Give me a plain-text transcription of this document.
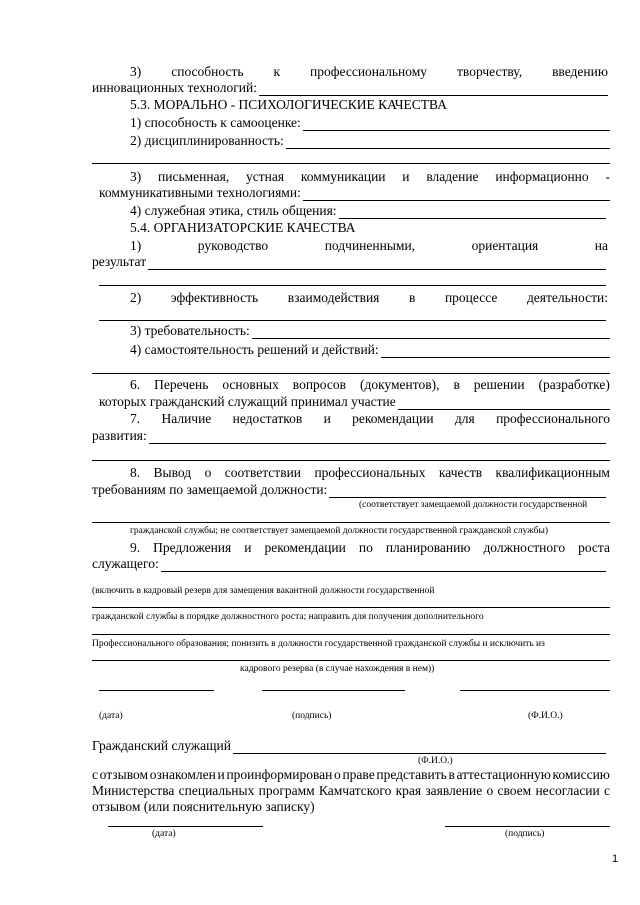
3) способность к профессиональному творчеству, введению
инновационных технологий:
5.3. МОРАЛЬНО - ПСИХОЛОГИЧЕСКИЕ КАЧЕСТВА
1) способность к самооценке:
2) дисциплинированность:
3) письменная, устная коммуникации и владение информационно -
коммуникативными технологиями:
4) служебная этика, стиль общения:
5.4. ОРГАНИЗАТОРСКИЕ КАЧЕСТВА
1)	руководство	подчиненными,	ориентация	на
результат
2) эффективность взаимодействия в процессе деятельности:
3) требовательность:
4) самостоятельность решений и действий:
6. Перечень основных вопросов (документов), в решении (разработке)
которых гражданский служащий принимал участие
7. Наличие недостатков и рекомендации для профессионального
развития:
8. Вывод о соответствии профессиональных качеств квалификационным
требованиям по замещаемой должности:
(соответствует замещаемой должности государственной
гражданской службы; не соответствует замещаемой должности государственной гражданской службы)
9. Предложения и рекомендации по планированию должностного роста
служащего:
(включить в кадровый резерв для замещения вакантной должности государственной
гражданской службы в порядке должностного роста; направить для получения дополнительного
Профессионального образования; понизить в должности государственной гражданской службы и исключить из
кадрового резерва (в случае нахождения в нем))
(дата)	(подпись)	(Ф.И.О.)
Гражданский служащий
(Ф.И.О.)
с отзывом ознакомлен и проинформирован о праве представить в аттестационную комиссию
Министерства специальных программ Камчатского края заявление о своем несогласии с
отзывом (или пояснительную записку)
(дата)	(подпись)
1
